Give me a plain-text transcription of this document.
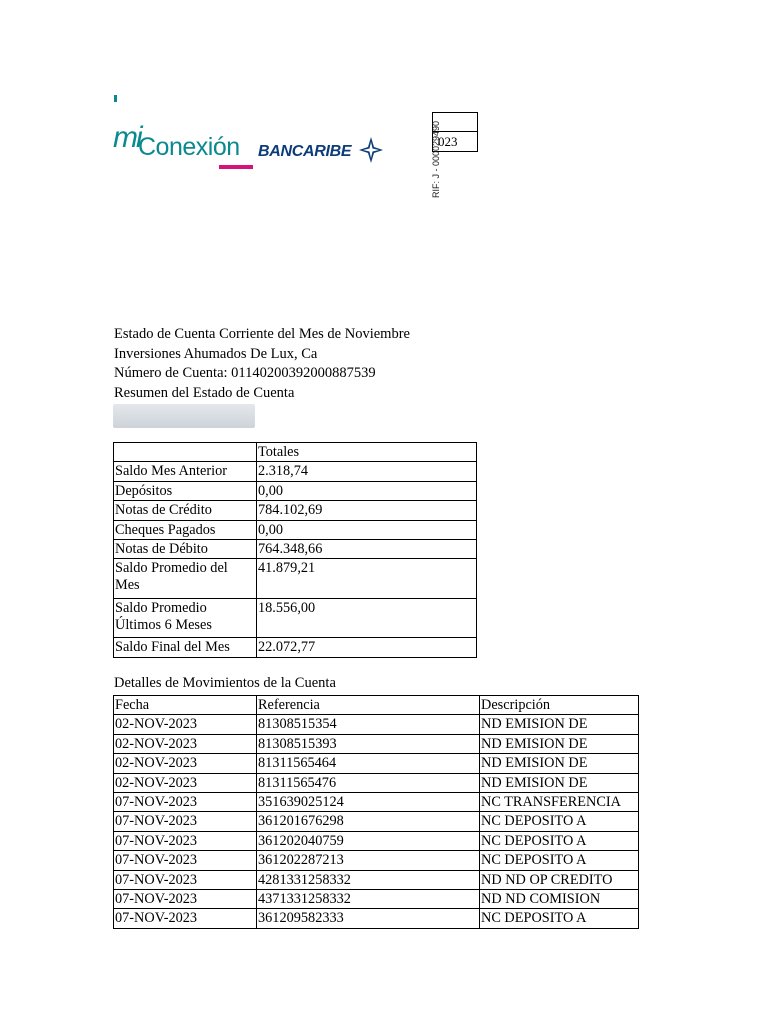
mi
Conexión BANCARIBE
023
RIF: J - 000029490
Estado de Cuenta Corriente del Mes de Noviembre
Inversiones Ahumados De Lux, Ca
Número de Cuenta: 01140200392000887539
Resumen del Estado de Cuenta
	Totales
Saldo Mes Anterior	2.318,74
Depósitos	0,00
Notas de Crédito	784.102,69
Cheques Pagados	0,00
Notas de Débito	764.348,66
Saldo Promedio del Mes	41.879,21
Saldo Promedio Últimos 6 Meses	18.556,00
Saldo Final del Mes	22.072,77
Detalles de Movimientos de la Cuenta
Fecha	Referencia	Descripción
02-NOV-2023	81308515354	ND EMISION DE

02-NOV-2023	81308515393	ND EMISION DE

02-NOV-2023	81311565464	ND EMISION DE

02-NOV-2023	81311565476	ND EMISION DE

07-NOV-2023	351639025124	NC TRANSFERENCIA

07-NOV-2023	361201676298	NC DEPOSITO A

07-NOV-2023	361202040759	NC DEPOSITO A

07-NOV-2023	361202287213	NC DEPOSITO A

07-NOV-2023	4281331258332	ND ND OP CREDITO

07-NOV-2023	4371331258332	ND ND COMISION

07-NOV-2023	361209582333	NC DEPOSITO A
